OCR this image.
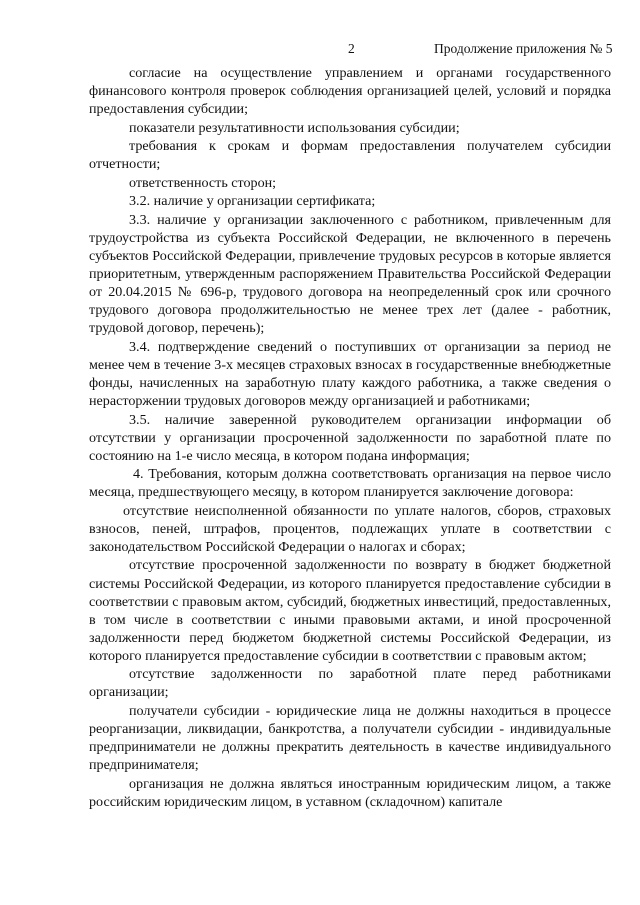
2	Продолжение приложения № 5

согласие на осуществление управлением и органами государственного финансового контроля проверок соблюдения организацией целей, условий и порядка предоставления субсидии;

показатели результативности использования субсидии;

требования к срокам и формам предоставления получателем субсидии отчетности;

ответственность сторон;

3.2. наличие у организации сертификата;

3.3. наличие у организации заключенного с работником, привлеченным для трудоустройства из субъекта Российской Федерации, не включенного в перечень субъектов Российской Федерации, привлечение трудовых ресурсов в которые является приоритетным, утвержденным распоряжением Правительства Российской Федерации от 20.04.2015 № 696-р, трудового договора на неопределенный срок или срочного трудового договора продолжительностью не менее трех лет (далее - работник, трудовой договор, перечень);

3.4. подтверждение сведений о поступивших от организации за период не менее чем в течение 3-х месяцев страховых взносах в государственные внебюджетные фонды, начисленных на заработную плату каждого работника, а также сведения о нерасторжении трудовых договоров между организацией и работниками;

3.5. наличие заверенной руководителем организации информации об отсутствии у организации просроченной задолженности по заработной плате по состоянию на 1-е число месяца, в котором подана информация;

4. Требования, которым должна соответствовать организация на первое число месяца, предшествующего месяцу, в котором планируется заключение договора:

отсутствие неисполненной обязанности по уплате налогов, сборов, страховых взносов, пеней, штрафов, процентов, подлежащих уплате в соответствии с законодательством Российской Федерации о налогах и сборах;

отсутствие просроченной задолженности по возврату в бюджет бюджетной системы Российской Федерации, из которого планируется предоставление субсидии в соответствии с правовым актом, субсидий, бюджетных инвестиций, предоставленных, в том числе в соответствии с иными правовыми актами, и иной просроченной задолженности перед бюджетом бюджетной системы Российской Федерации, из которого планируется предоставление субсидии в соответствии с правовым актом;

отсутствие задолженности по заработной плате перед работниками организации;

получатели субсидии - юридические лица не должны находиться в процессе реорганизации, ликвидации, банкротства, а получатели субсидии - индивидуальные предприниматели не должны прекратить деятельность в качестве индивидуального предпринимателя;

организация не должна являться иностранным юридическим лицом, а также российским юридическим лицом, в уставном (складочном) капитале
